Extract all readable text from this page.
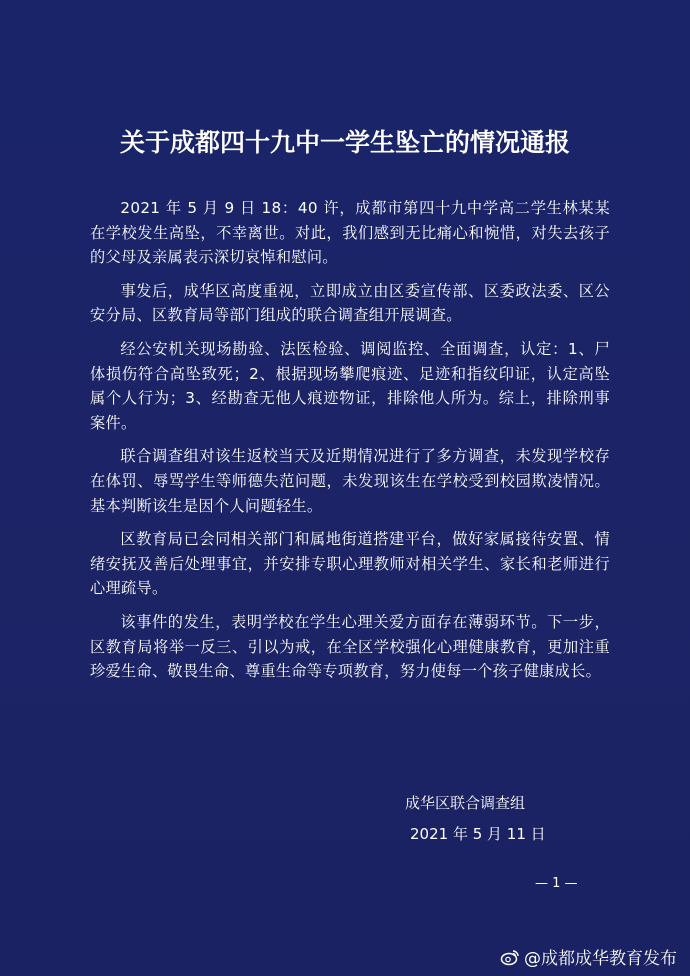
关于成都四十九中一学生坠亡的情况通报

2021 年 5 月 9 日 18：40 许，成都市第四十九中学高二学生林某某在学校发生高坠，不幸离世。对此，我们感到无比痛心和惋惜，对失去孩子的父母及亲属表示深切哀悼和慰问。

事发后，成华区高度重视，立即成立由区委宣传部、区委政法委、区公安分局、区教育局等部门组成的联合调查组开展调查。

经公安机关现场勘验、法医检验、调阅监控、全面调查，认定：1、尸体损伤符合高坠致死；2、根据现场攀爬痕迹、足迹和指纹印证，认定高坠属个人行为；3、经勘查无他人痕迹物证，排除他人所为。综上，排除刑事案件。

联合调查组对该生返校当天及近期情况进行了多方调查，未发现学校存在体罚、辱骂学生等师德失范问题，未发现该生在学校受到校园欺凌情况。基本判断该生是因个人问题轻生。

区教育局已会同相关部门和属地街道搭建平台，做好家属接待安置、情绪安抚及善后处理事宜，并安排专职心理教师对相关学生、家长和老师进行心理疏导。

该事件的发生，表明学校在学生心理关爱方面存在薄弱环节。下一步，区教育局将举一反三、引以为戒，在全区学校强化心理健康教育，更加注重珍爱生命、敬畏生命、尊重生命等专项教育，努力使每一个孩子健康成长。

成华区联合调查组
2021 年 5 月 11 日
— 1 —
@成都成华教育发布
